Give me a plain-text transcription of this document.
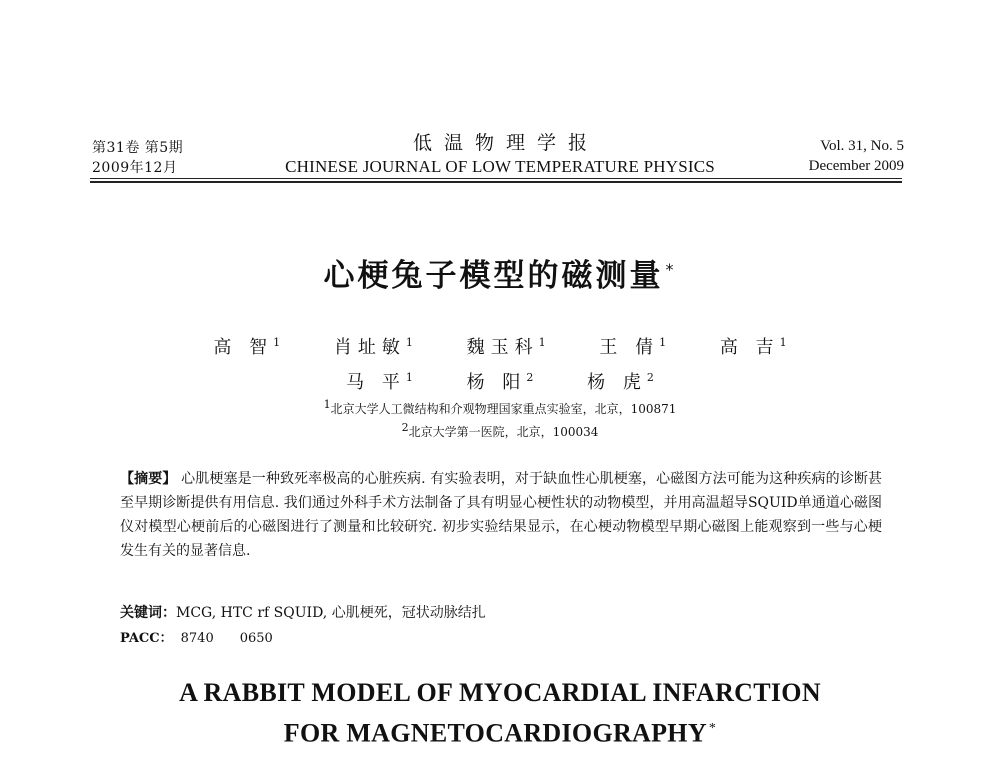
第31卷 第5期
2009年12月
低温物理学报
CHINESE JOURNAL OF LOW TEMPERATURE PHYSICS
Vol. 31, No. 5
December 2009
心梗兔子模型的磁测量 *
高 智$^1$	肖址敏$^1$	魏玉科$^1$	王 倩$^1$	高 吉$^1$
马 平$^1$	杨 阳$^2$	杨 虎$^2$
1北京大学人工微结构和介观物理国家重点实验室，北京，100871
2北京大学第一医院，北京，100034
【摘要】 心肌梗塞是一种致死率极高的心脏疾病. 有实验表明，对于缺血性心肌梗塞，心磁图方法可能为这种疾病的诊断甚至早期诊断提供有用信息. 我们通过外科手术方法制备了具有明显心梗性状的动物模型，并用高温超导SQUID单通道心磁图仪对模型心梗前后的心磁图进行了测量和比较研究. 初步实验结果显示，在心梗动物模型早期心磁图上能观察到一些与心梗发生有关的显著信息.
关键词：MCG, HTC rf SQUID, 心肌梗死，冠状动脉结扎
PACC： 8740 0650
A RABBIT MODEL OF MYOCARDIAL INFARCTION
FOR MAGNETOCARDIOGRAPHY *
